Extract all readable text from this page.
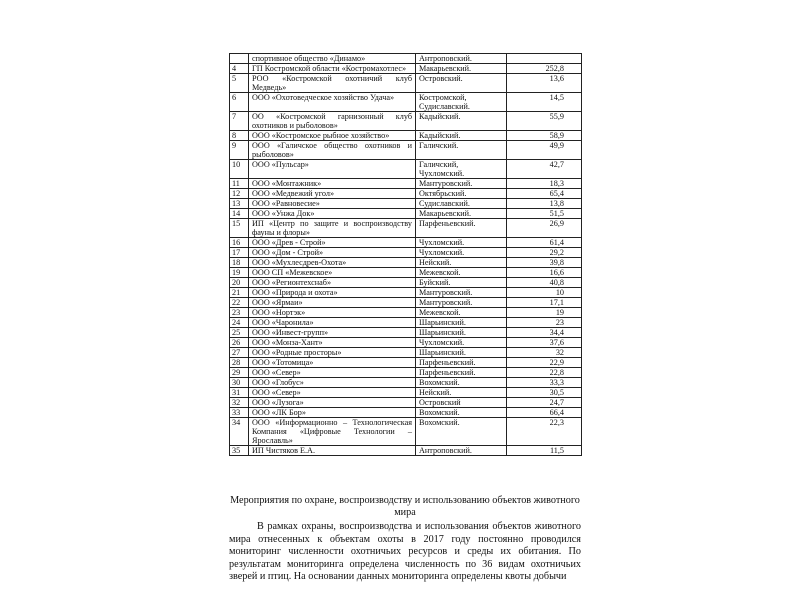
	спортивное общество «Динамо»	Антроповский.	
4	ГП Костромской области «Костромахотлес»	Макарьевский.	252,8
5	РОО «Костромской охотничий клуб Медведь»	Островский.	13,6
6	ООО «Охотоведческое хозяйство Удача»	Костромской, Судиславский.	14,5
7	ОО «Костромской гарнизонный клуб охотников и рыболовов»	Кадыйский.	55,9
8	ООО «Костромское рыбное хозяйство»	Кадыйский.	58,9
9	ООО «Галичское общество охотников и рыболовов»	Галичский.	49,9
10	ООО «Пульсар»	Галичский, Чухломский.	42,7
11	ООО «Монтажник»	Мантуровский.	18,3
12	ООО «Медвежий угол»	Октябрьский.	65,4
13	ООО «Равновесие»	Судиславский.	13,8
14	ООО «Унжа Док»	Макарьевский.	51,5
15	ИП «Центр по защите и воспроизводству фауны и флоры»	Парфеньевский.	26,9
16	ООО «Древ - Строй»	Чухломский.	61,4
17	ООО «Дом - Строй»	Чухломский.	29,2
18	ООО «Мухлесдрев-Охота»	Нейский.	39,8
19	ООО СП «Межевское»	Межевской.	16,6
20	ООО «Регионтехснаб»	Буйский.	40,8
21	ООО «Природа и охота»	Мантуровский.	10
22	ООО «Ярмаи»	Мантуровский.	17,1
23	ООО «Нортэк»	Межевской.	19
24	ООО «Чаронила»	Шарьинский.	23
25	ООО «Инвест-групп»	Шарьинский.	34,4
26	ООО «Монза-Хант»	Чухломский.	37,6
27	ООО «Родные просторы»	Шарьинский.	32
28	ООО «Тотомица»	Парфеньевский.	22,9
29	ООО «Север»	Парфеньевский.	22,8
30	ООО «Глобус»	Вохомский.	33,3
31	ООО «Север»	Нейский.	30,5
32	ООО «Лузога»	Островский	24,7
33	ООО «ЛК Бор»	Вохомский.	66,4
34	ООО «Информационно – Технологическая Компания «Цифровые Технологии – Ярославль»	Вохомский.	22,3
35	ИП Чистяков Е.А.	Антроповский.	11,5

Мероприятия по охране, воспроизводству и использованию объектов животного мира

В рамках охраны, воспроизводства и использования объектов животного мира отнесенных к объектам охоты в 2017 году постоянно проводился мониторинг численности охотничьих ресурсов и среды их обитания. По результатам мониторинга определена численность по 36 видам охотничьих зверей и птиц. На основании данных мониторинга определены квоты добычи
